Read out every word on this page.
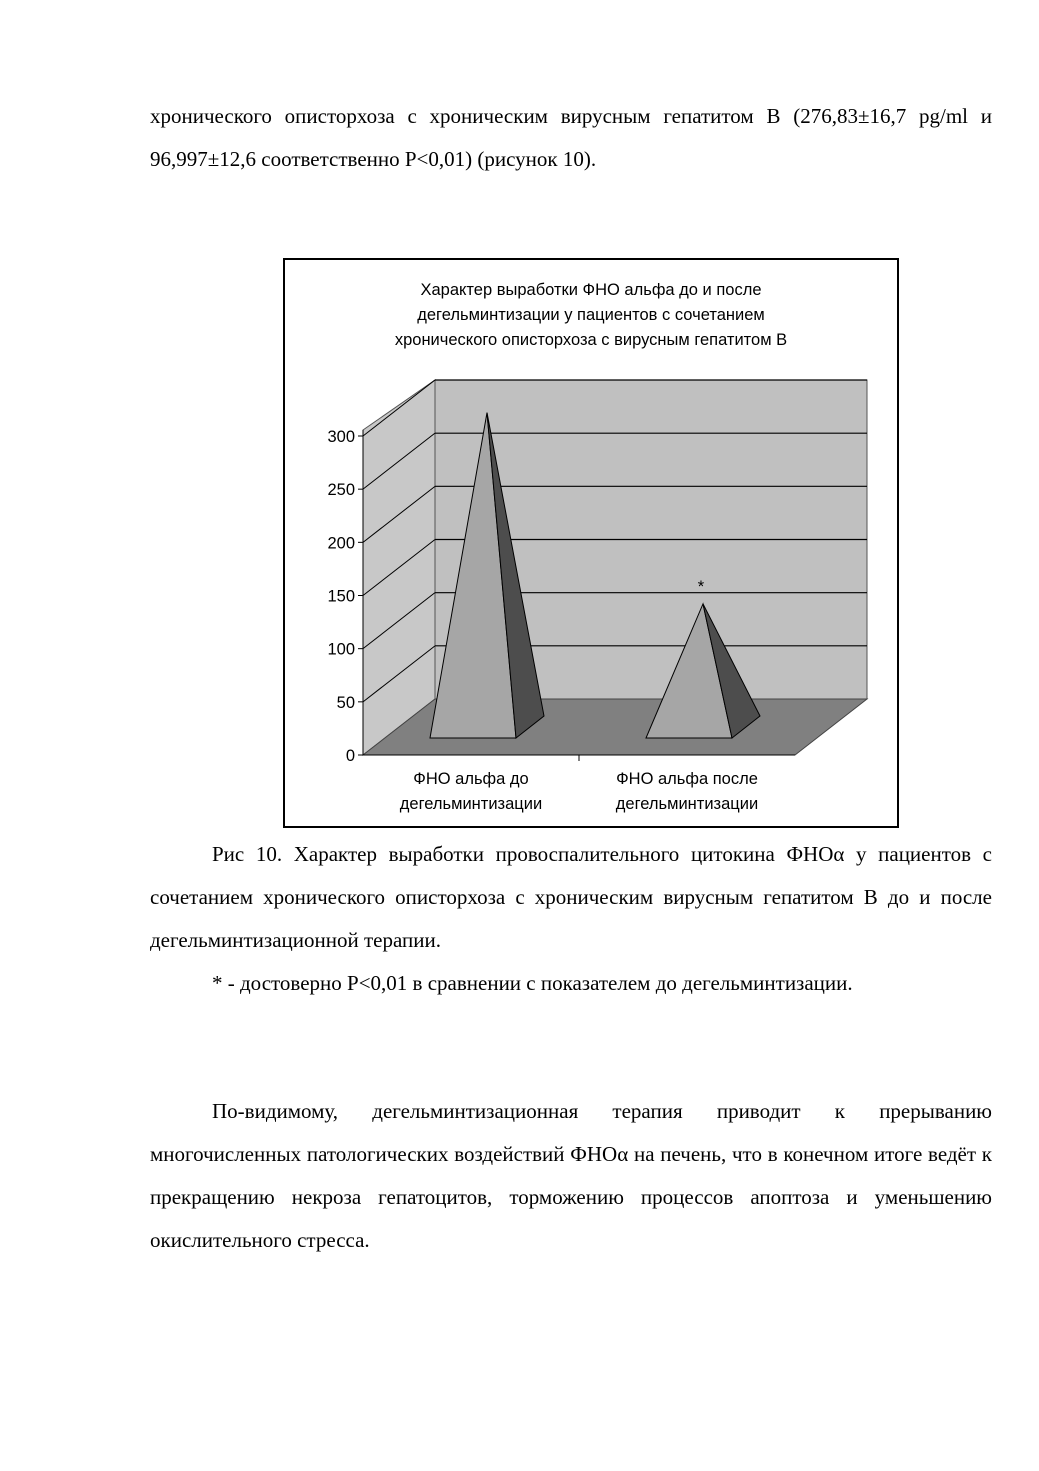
хронического описторхоза с хроническим вирусным гепатитом В (276,83±16,7 pg/ml и 96,997±12,6 соответственно Р<0,01) (рисунок 10).

0
50
100
150
200
250
300
ФНО альфа до
дегельминтизации
*
ФНО альфа после
дегельминтизации
Характер выработки ФНО альфа до и после
дегельминтизации у пациентов с сочетанием
хронического описторхоза с вирусным гепатитом В

Рис 10. Характер выработки провоспалительного цитокина ФНОα у пациентов с сочетанием хронического описторхоза с хроническим вирусным гепатитом В до и после дегельминтизационной терапии.

* - достоверно Р<0,01 в сравнении с показателем до дегельминтизации.

По-видимому, дегельминтизационная терапия приводит к прерыванию многочисленных патологических воздействий ФНОα на печень, что в конечном итоге ведёт к прекращению некроза гепатоцитов, торможению процессов апоптоза и уменьшению окислительного стресса.
